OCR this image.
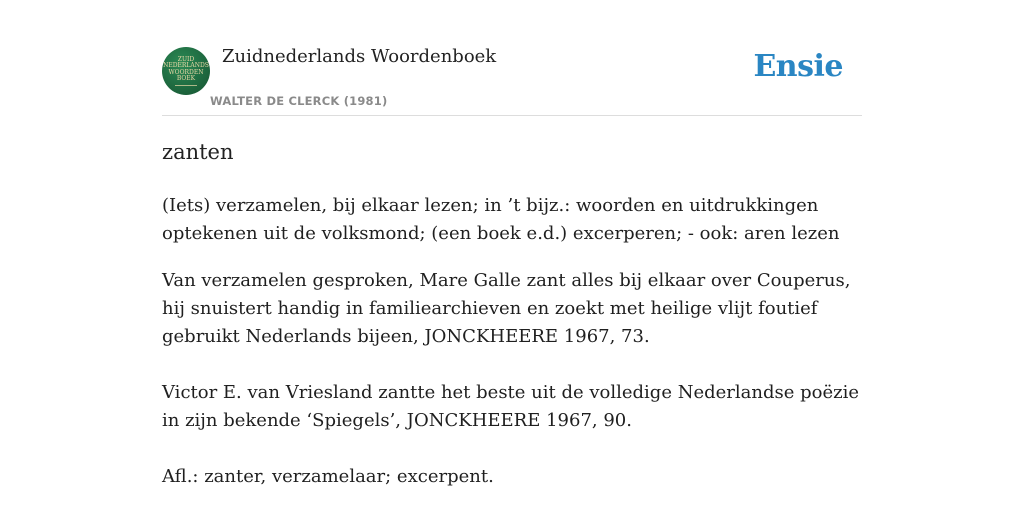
ZUID
NEDERLANDS
WOORDEN
BOEK
Zuidnederlands Woordenboek
WALTER DE CLERCK (1981)
Ensie
zanten
(Iets) verzamelen, bij elkaar lezen; in ’t bijz.: woorden en uitdrukkingen optekenen uit de volksmond; (een boek e.d.) excerperen; - ook: aren lezen

Van verzamelen gesproken, Mare Galle zant alles bij elkaar over Couperus, hij snuistert handig in familiearchieven en zoekt met heilige vlijt foutief gebruikt Nederlands bijeen, JONCKHEERE 1967, 73.

Victor E. van Vriesland zantte het beste uit de volledige Nederlandse poëzie in zijn bekende ‘Spiegels’, JONCKHEERE 1967, 90.

Afl.: zanter, verzamelaar; excerpent.
